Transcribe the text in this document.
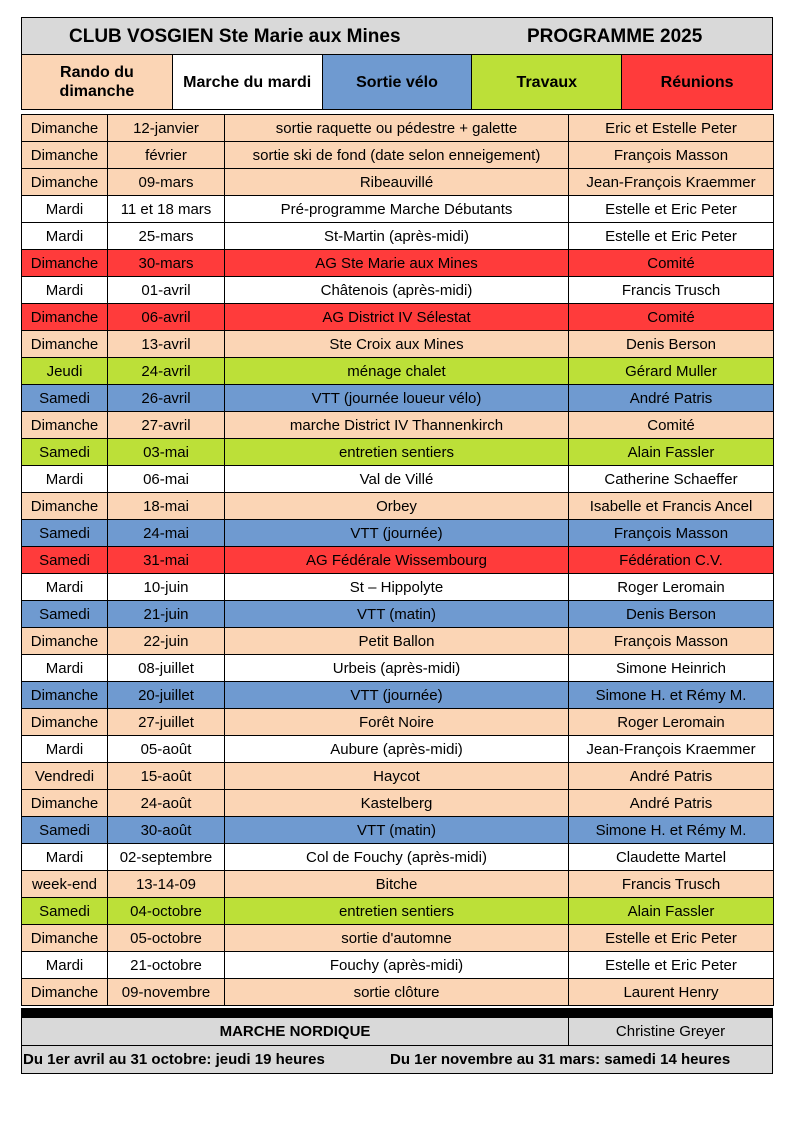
CLUB VOSGIEN Ste Marie aux Mines	PROGRAMME 2025
Rando du dimanche
Marche du mardi	Sortie vélo	Travaux	Réunions
Dimanche	12-janvier	sortie raquette ou pédestre + galette	Eric et Estelle Peter
Dimanche	février	sortie ski de fond (date selon enneigement)	François Masson
Dimanche	09-mars	Ribeauvillé	Jean-François Kraemmer
Mardi	11 et 18 mars	Pré-programme Marche Débutants	Estelle et Eric Peter
Mardi	25-mars	St-Martin (après-midi)	Estelle et Eric Peter
Dimanche	30-mars	AG Ste Marie aux Mines	Comité
Mardi	01-avril	Châtenois (après-midi)	Francis Trusch
Dimanche	06-avril	AG District IV Sélestat	Comité
Dimanche	13-avril	Ste Croix aux Mines	Denis Berson
Jeudi	24-avril	ménage chalet	Gérard Muller
Samedi	26-avril	VTT (journée loueur vélo)	André Patris
Dimanche	27-avril	marche District IV Thannenkirch	Comité
Samedi	03-mai	entretien sentiers	Alain Fassler
Mardi	06-mai	Val de Villé	Catherine Schaeffer
Dimanche	18-mai	Orbey	Isabelle et Francis Ancel
Samedi	24-mai	VTT (journée)	François Masson
Samedi	31-mai	AG Fédérale Wissembourg	Fédération C.V.
Mardi	10-juin	St – Hippolyte	Roger Leromain
Samedi	21-juin	VTT (matin)	Denis Berson
Dimanche	22-juin	Petit Ballon	François Masson
Mardi	08-juillet	Urbeis (après-midi)	Simone Heinrich
Dimanche	20-juillet	VTT (journée)	Simone H. et Rémy M.
Dimanche	27-juillet	Forêt Noire	Roger Leromain
Mardi	05-août	Aubure (après-midi)	Jean-François Kraemmer
Vendredi	15-août	Haycot	André Patris
Dimanche	24-août	Kastelberg	André Patris
Samedi	30-août	VTT (matin)	Simone H. et Rémy M.
Mardi	02-septembre	Col de Fouchy (après-midi)	Claudette Martel
week-end	13-14-09	Bitche	Francis Trusch
Samedi	04-octobre	entretien sentiers	Alain Fassler
Dimanche	05-octobre	sortie d'automne	Estelle et Eric Peter
Mardi	21-octobre	Fouchy (après-midi)	Estelle et Eric Peter
Dimanche	09-novembre	sortie clôture	Laurent Henry
MARCHE NORDIQUE	Christine Greyer
Du 1er avril au 31 octobre: jeudi 19 heures	Du 1er novembre au 31 mars: samedi 14 heures
